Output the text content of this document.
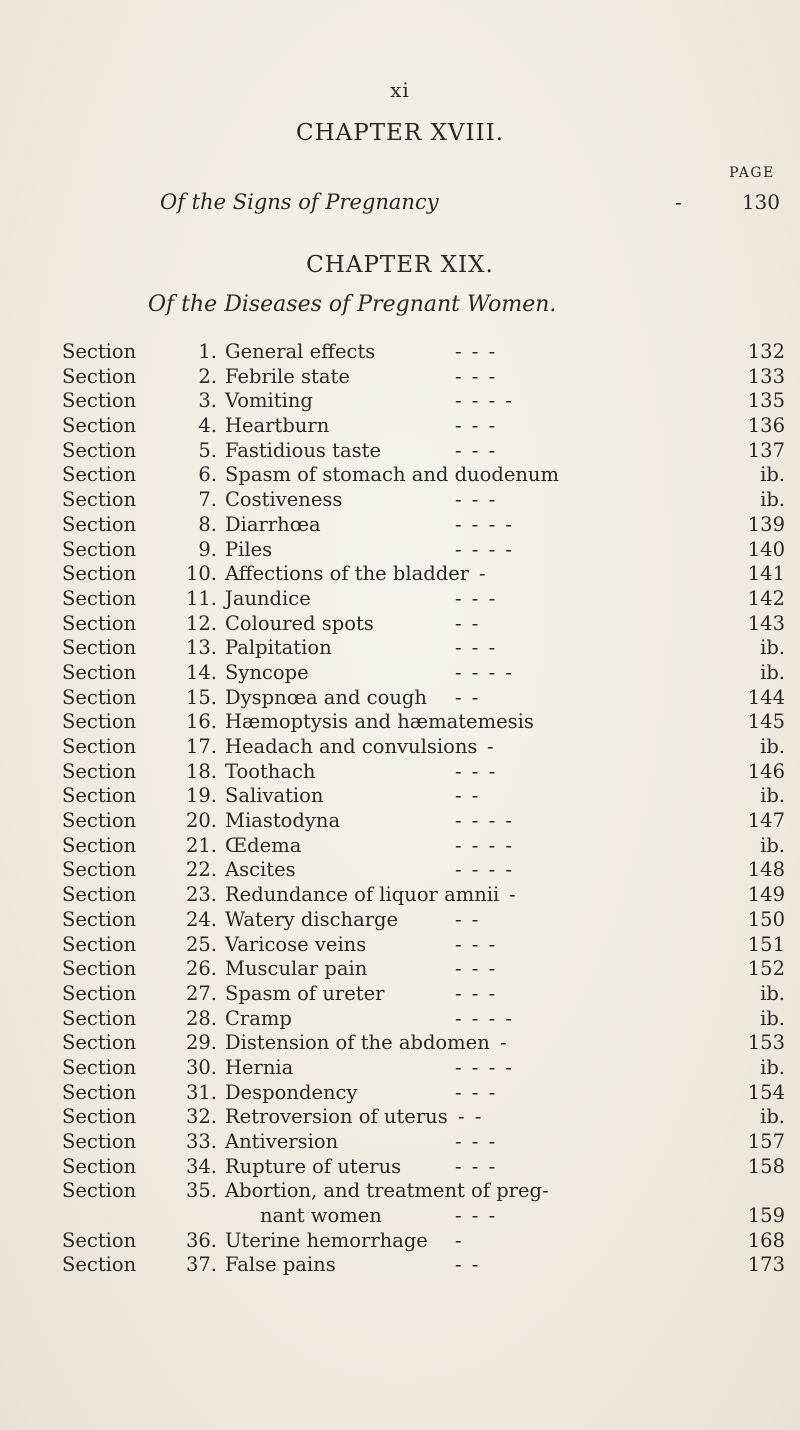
xi
CHAPTER XVIII.
PAGE
Of the Signs of Pregnancy	-	130
CHAPTER XIX.
Of the Diseases of Pregnant Women.
Section	1. General effects	- - -	132
Section	2. Febrile state	- - -	133
Section	3. Vomiting	- - - -	135
Section	4. Heartburn	- - -	136
Section	5. Fastidious taste	- - -	137
Section	6. Spasm of stomach and duodenum	ib.
Section	7. Costiveness	- - -	ib.
Section	8. Diarrhœa	- - - -	139
Section	9. Piles	- - - -	140
Section	10. Affections of the bladder -	141
Section	11. Jaundice	- - -	142
Section	12. Coloured spots	- -	143
Section	13. Palpitation	- - -	ib.
Section	14. Syncope	- - - -	ib.
Section	15. Dyspnœa and cough - -	144
Section	16. Hæmoptysis and hæmatemesis	145
Section	17. Headach and convulsions -	ib.
Section	18. Toothach	- - -	146
Section	19. Salivation	- -	ib.
Section	20. Miastodyna	- - - -	147
Section	21. Œdema	- - - -	ib.
Section	22. Ascites	- - - -	148
Section	23. Redundance of liquor amnii -	149
Section	24. Watery discharge	- -	150
Section	25. Varicose veins	- - -	151
Section	26. Muscular pain	- - -	152
Section	27. Spasm of ureter	- - -	ib.
Section	28. Cramp	- - - -	ib.
Section	29. Distension of the abdomen -	153
Section	30. Hernia	- - - -	ib.
Section	31. Despondency	- - -	154
Section	32. Retroversion of uterus - -	ib.
Section	33. Antiversion	- - -	157
Section	34. Rupture of uterus	- - -	158
Section	35. Abortion, and treatment of preg-
nant women	- - -	159
Section	36. Uterine hemorrhage -	168
Section	37. False pains	- -	173
